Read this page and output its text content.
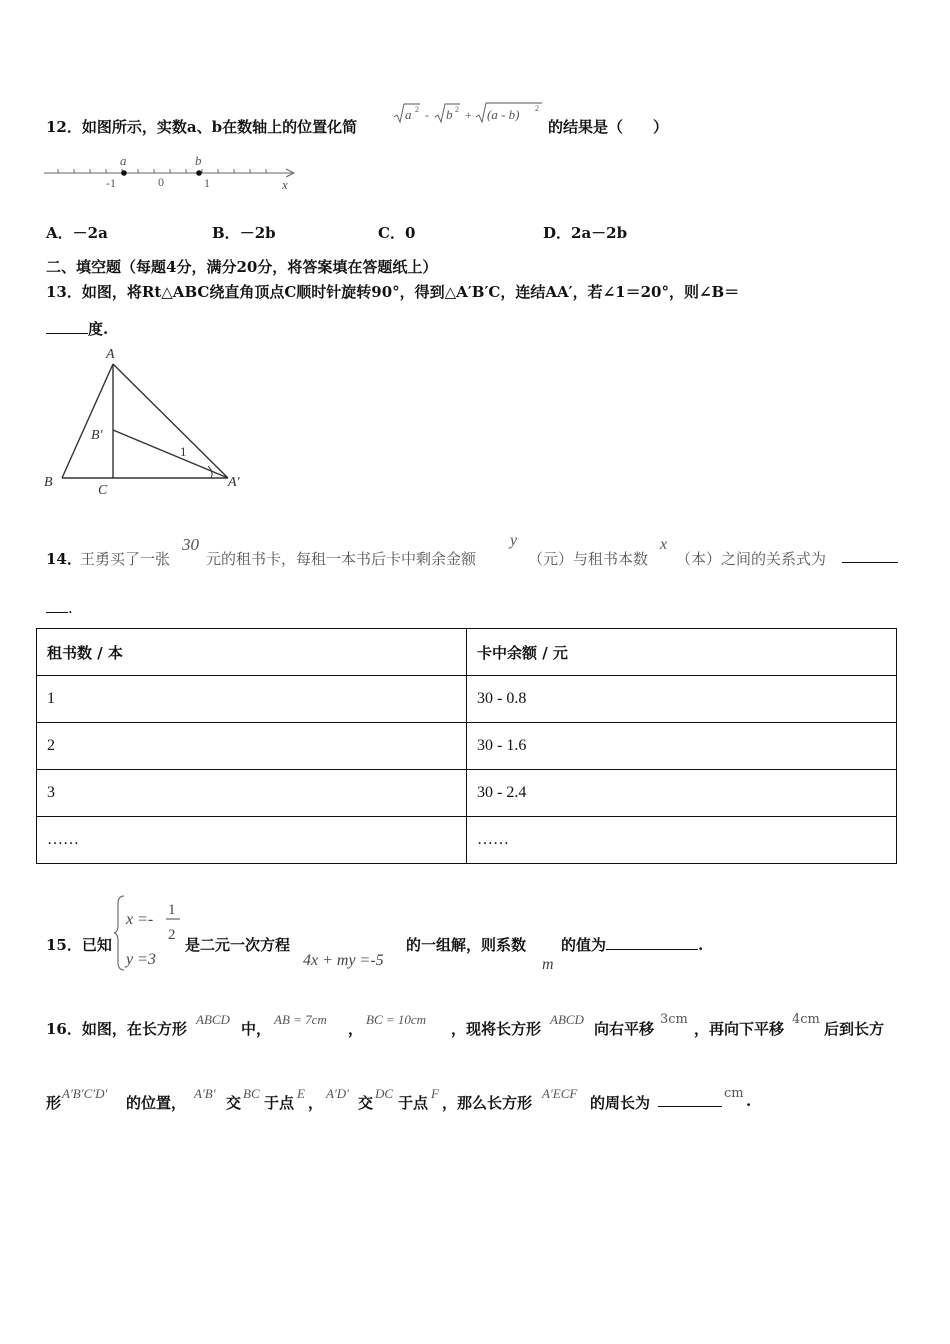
12．如图所示，实数a、b在数轴上的位置化简
a 2 - b 2 + (a - b) 2
的结果是（　　）
a	b
-1	0	1	x
A．－2a	B．－2b	C．0	D．2a－2b
二、填空题（每题4分，满分20分，将答案填在答题纸上）
13．如图，将Rt△ABC绕直角顶点C顺时针旋转90°，得到△A′B′C，连结AA′，若∠1＝20°，则∠B＝
度.
A
B
C
B′
A′
1
14．
王勇买了一张
30
元的租书卡，每租一本书后卡中剩余金额
y
（元）与租书本数
x
（本）之间的关系式为
.
租书数 / 本	卡中余额 / 元
1	30 - 0.8
2	30 - 1.6
3	30 - 2.4
……	……
15．已知
x =-
1
2
y =3
是二元一次方程
4x + my =-5
的一组解，则系数
m
的值为	.
16．如图，在长方形
ABCD
中，
AB = 7cm
，
BC = 10cm
，现将长方形
ABCD
向右平移
3cm
，再向下平移
4cm
后到长方
形
A′B′C′D′
的位置，
A′B′
交
BC
于点
E
，
A′D′
交
DC
于点
F
，那么长方形
A′ECF
的周长为
cm .
